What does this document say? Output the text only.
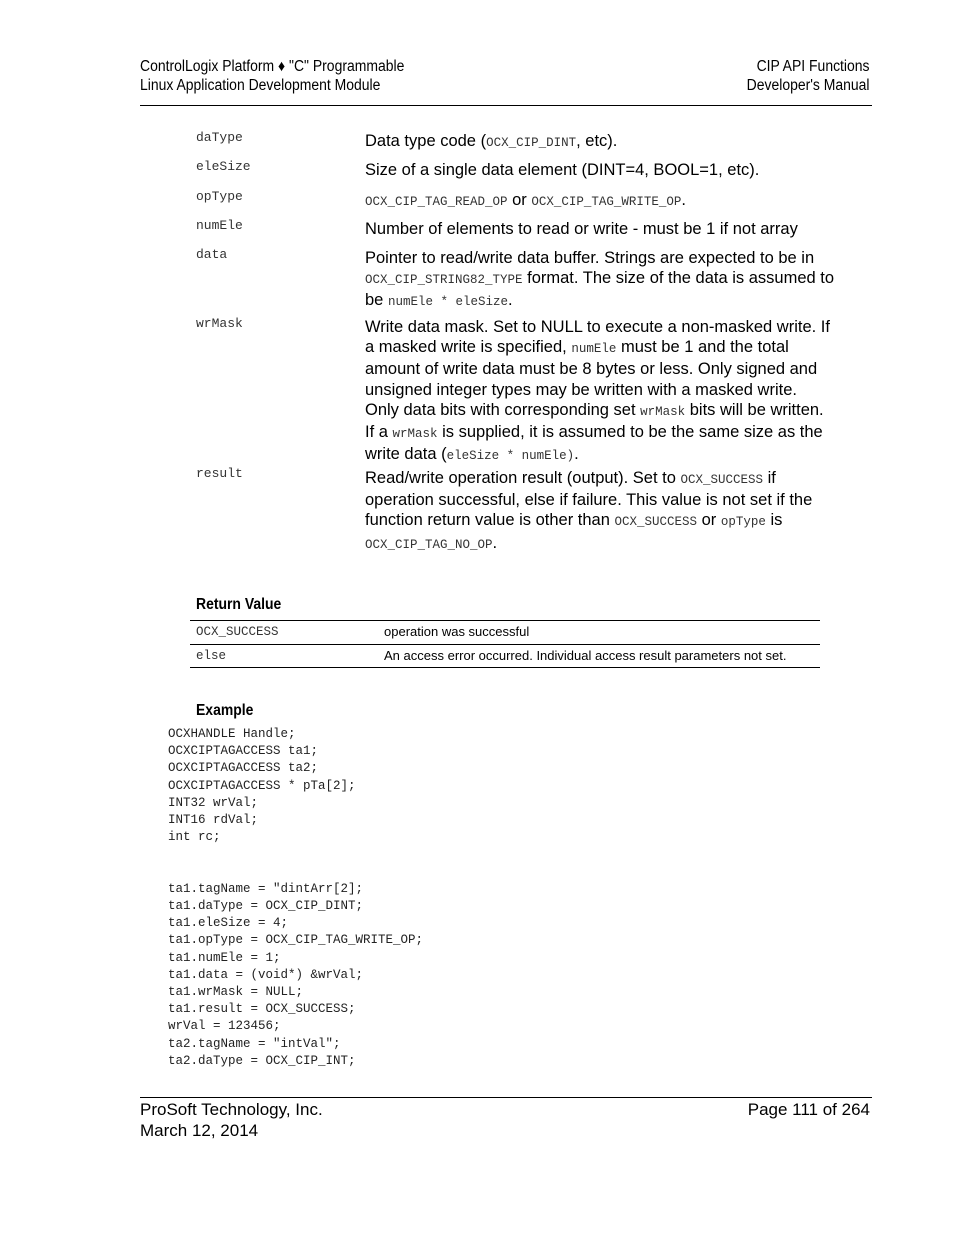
ControlLogix Platform ♦ "C" Programmable
Linux Application Development Module
CIP API Functions
Developer's Manual
daType	Data type code (OCX_CIP_DINT, etc).
eleSize	Size of a single data element (DINT=4, BOOL=1, etc).
opType	OCX_CIP_TAG_READ_OP or OCX_CIP_TAG_WRITE_OP.
numEle	Number of elements to read or write - must be 1 if not array
data	Pointer to read/write data buffer. Strings are expected to be in OCX_CIP_STRING82_TYPE format. The size of the data is assumed to be numEle * eleSize.
wrMask	Write data mask. Set to NULL to execute a non-masked write. If a masked write is specified, numEle must be 1 and the total amount of write data must be 8 bytes or less. Only signed and unsigned integer types may be written with a masked write. Only data bits with corresponding set wrMask bits will be written. If a wrMask is supplied, it is assumed to be the same size as the write data (eleSize * numEle).
result	Read/write operation result (output). Set to OCX_SUCCESS if operation successful, else if failure. This value is not set if the function return value is other than OCX_SUCCESS or opType is OCX_CIP_TAG_NO_OP.
Return Value
OCX_SUCCESS	operation was successful
else	An access error occurred. Individual access result parameters not set.
Example
OCXHANDLE Handle;
OCXCIPTAGACCESS ta1;
OCXCIPTAGACCESS ta2;
OCXCIPTAGACCESS * pTa[2];
INT32 wrVal;
INT16 rdVal;
int rc;

ta1.tagName = "dintArr[2];
ta1.daType = OCX_CIP_DINT;
ta1.eleSize = 4;
ta1.opType = OCX_CIP_TAG_WRITE_OP;
ta1.numEle = 1;
ta1.data = (void*) &wrVal;
ta1.wrMask = NULL;
ta1.result = OCX_SUCCESS;
wrVal = 123456;
ta2.tagName = "intVal";
ta2.daType = OCX_CIP_INT;
ProSoft Technology, Inc.
March 12, 2014
Page 111 of 264
